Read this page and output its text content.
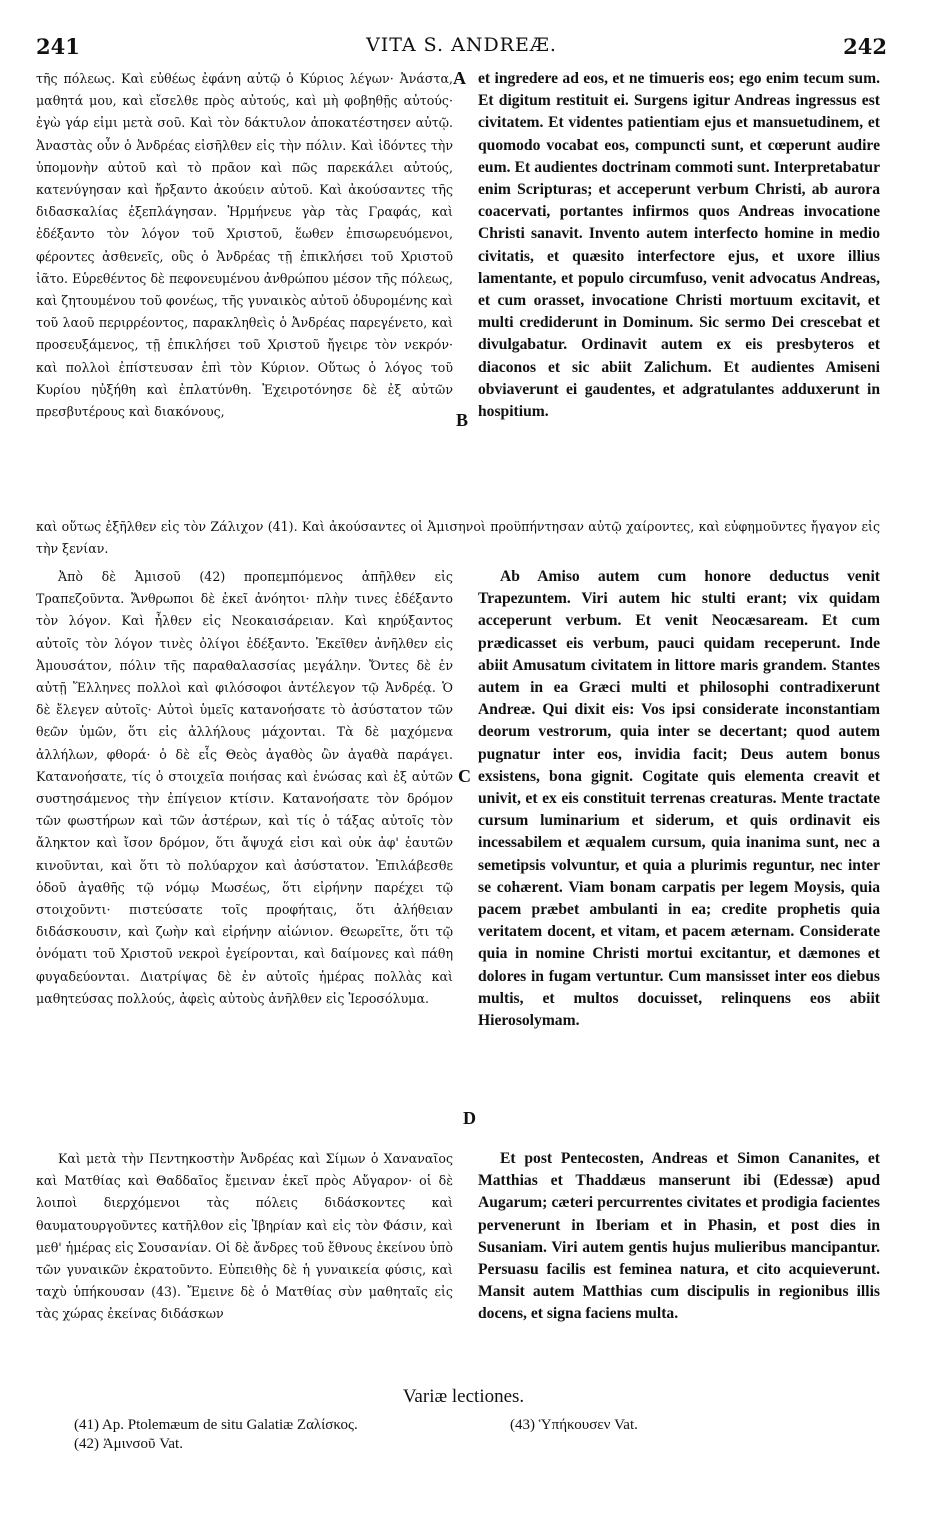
241	VITA S. ANDREÆ.	242

τῆς πόλεως. Καὶ εὐθέως ἐφάνη αὐτῷ ὁ Κύριος λέγων· Ἀνάστα, μαθητά μου, καὶ εἴσελθε πρὸς αὐτούς, καὶ μὴ φοβηθῇς αὐτούς· ἐγὼ γάρ εἰμι μετὰ σοῦ. Καὶ τὸν δάκτυλον ἀποκατέστησεν αὐτῷ. Ἀναστὰς οὖν ὁ Ἀνδρέας εἰσῆλθεν εἰς τὴν πόλιν. Καὶ ἰδόντες τὴν ὑπομονὴν αὐτοῦ καὶ τὸ πρᾶον καὶ πῶς παρεκάλει αὐτούς, κατενύγησαν καὶ ἤρξαντο ἀκούειν αὐτοῦ. Καὶ ἀκούσαντες τῆς διδασκαλίας ἐξεπλάγησαν. Ἡρμήνευε γὰρ τὰς Γραφάς, καὶ ἐδέξαντο τὸν λόγον τοῦ Χριστοῦ, ἕωθεν ἐπισωρευόμενοι, φέροντες ἀσθενεῖς, οὓς ὁ Ἀνδρέας τῇ ἐπικλήσει τοῦ Χριστοῦ ἰᾶτο. Εὑρεθέντος δὲ πεφονευμένου ἀνθρώπου μέσον τῆς πόλεως, καὶ ζητουμένου τοῦ φονέως, τῆς γυναικὸς αὐτοῦ ὀδυρομένης καὶ τοῦ λαοῦ περιρρέοντος, παρακληθεὶς ὁ Ἀνδρέας παρεγένετο, καὶ προσευξάμενος, τῇ ἐπικλήσει τοῦ Χριστοῦ ἤγειρε τὸν νεκρόν· καὶ πολλοὶ ἐπίστευσαν ἐπὶ τὸν Κύριον. Οὕτως ὁ λόγος τοῦ Κυρίου ηὐξήθη καὶ ἐπλατύνθη. Ἐχειροτόνησε δὲ ἐξ αὐτῶν πρεσβυτέρους καὶ διακόνους,

et ingredere ad eos, et ne timueris eos; ego enim tecum sum. Et digitum restituit ei. Surgens igitur Andreas ingressus est civitatem. Et videntes patientiam ejus et mansuetudinem, et quomodo vocabat eos, compuncti sunt, et cœperunt audire eum. Et audientes doctrinam commoti sunt. Interpretabatur enim Scripturas; et acceperunt verbum Christi, ab aurora coacervati, portantes infirmos quos Andreas invocatione Christi sanavit. Invento autem interfecto homine in medio civitatis, et quæsito interfectore ejus, et uxore illius lamentante, et populo circumfuso, venit advocatus Andreas, et cum orasset, invocatione Christi mortuum excitavit, et multi crediderunt in Dominum. Sic sermo Dei crescebat et divulgabatur. Ordinavit autem ex eis presbyteros et diaconos et sic abiit Zalichum. Et audientes Amiseni obviaverunt ei gaudentes, et adgratulantes adduxerunt in hospitium.

καὶ οὕτως ἐξῆλθεν εἰς τὸν Ζάλιχον (41). Καὶ ἀκούσαντες οἱ Ἀμισηνοὶ προϋπήντησαν αὐτῷ χαίροντες, καὶ εὐφημοῦντες ἤγαγον εἰς τὴν ξενίαν.

A
B

Ἀπὸ δὲ Ἀμισοῦ (42) προπεμπόμενος ἀπῆλθεν εἰς Τραπεζοῦντα. Ἄνθρωποι δὲ ἐκεῖ ἀνόητοι· πλὴν τινες ἐδέξαντο τὸν λόγον. Καὶ ἦλθεν εἰς Νεοκαισάρειαν. Καὶ κηρύξαντος αὐτοῖς τὸν λόγον τινὲς ὀλίγοι ἐδέξαντο. Ἐκεῖθεν ἀνῆλθεν εἰς Ἀμουσάτον, πόλιν τῆς παραθαλασσίας μεγάλην. Ὄντες δὲ ἐν αὐτῇ Ἕλληνες πολλοὶ καὶ φιλόσοφοι ἀντέλεγον τῷ Ἀνδρέᾳ. Ὁ δὲ ἔλεγεν αὐτοῖς· Αὐτοὶ ὑμεῖς κατανοήσατε τὸ ἀσύστατον τῶν θεῶν ὑμῶν, ὅτι εἰς ἀλλήλους μάχονται. Τὰ δὲ μαχόμενα ἀλλήλων, φθορά· ὁ δὲ εἷς Θεὸς ἀγαθὸς ὢν ἀγαθὰ παράγει. Κατανοήσατε, τίς ὁ στοιχεῖα ποιήσας καὶ ἑνώσας καὶ ἐξ αὐτῶν συστησάμενος τὴν ἐπίγειον κτίσιν. Κατανοήσατε τὸν δρόμον τῶν φωστήρων καὶ τῶν ἀστέρων, καὶ τίς ὁ τάξας αὐτοῖς τὸν ἄληκτον καὶ ἴσον δρόμον, ὅτι ἄψυχά εἰσι καὶ οὐκ ἀφ' ἑαυτῶν κινοῦνται, καὶ ὅτι τὸ πολύαρχον καὶ ἀσύστατον. Ἐπιλάβεσθε ὁδοῦ ἀγαθῆς τῷ νόμῳ Μωσέως, ὅτι εἰρήνην παρέχει τῷ στοιχοῦντι· πιστεύσατε τοῖς προφήταις, ὅτι ἀλήθειαν διδάσκουσιν, καὶ ζωὴν καὶ εἰρήνην αἰώνιον. Θεωρεῖτε, ὅτι τῷ ὀνόματι τοῦ Χριστοῦ νεκροὶ ἐγείρονται, καὶ δαίμονες καὶ πάθη φυγαδεύονται. Διατρίψας δὲ ἐν αὐτοῖς ἡμέρας πολλὰς καὶ μαθητεύσας πολλούς, ἀφεὶς αὐτοὺς ἀνῆλθεν εἰς Ἱεροσόλυμα.

Ab Amiso autem cum honore deductus venit Trapezuntem. Viri autem hic stulti erant; vix quidam acceperunt verbum. Et venit Neocæsaream. Et cum prædicasset eis verbum, pauci quidam receperunt. Inde abiit Amusatum civitatem in littore maris grandem. Stantes autem in ea Græci multi et philosophi contradixerunt Andreæ. Qui dixit eis: Vos ipsi considerate inconstantiam deorum vestrorum, quia inter se decertant; quod autem pugnatur inter eos, invidia facit; Deus autem bonus exsistens, bona gignit. Cogitate quis elementa creavit et univit, et ex eis constituit terrenas creaturas. Mente tractate cursum luminarium et siderum, et quis ordinavit eis incessabilem et æqualem cursum, quia inanima sunt, nec a semetipsis volvuntur, et quia a plurimis reguntur, nec inter se cohærent. Viam bonam carpatis per legem Moysis, quia pacem præbet ambulanti in ea; credite prophetis quia veritatem docent, et vitam, et pacem æternam. Considerate quia in nomine Christi mortui excitantur, et dæmones et dolores in fugam vertuntur. Cum mansisset inter eos diebus multis, et multos docuisset, relinquens eos abiit Hierosolymam.

C
D

Καὶ μετὰ τὴν Πεντηκοστὴν Ἀνδρέας καὶ Σίμων ὁ Χαναναῖος καὶ Ματθίας καὶ Θαδδαῖος ἔμειναν ἐκεῖ πρὸς Αὔγαρον· οἱ δὲ λοιποὶ διερχόμενοι τὰς πόλεις διδάσκοντες καὶ θαυματουργοῦντες κατῆλθον εἰς Ἰβηρίαν καὶ εἰς τὸν Φάσιν, καὶ μεθ' ἡμέρας εἰς Σουσανίαν. Οἱ δὲ ἄνδρες τοῦ ἔθνους ἐκείνου ὑπὸ τῶν γυναικῶν ἐκρατοῦντο. Εὐπειθὴς δὲ ἡ γυναικεία φύσις, καὶ ταχὺ ὑπήκουσαν (43). Ἔμεινε δὲ ὁ Ματθίας σὺν μαθηταῖς εἰς τὰς χώρας ἐκείνας διδάσκων

Et post Pentecosten, Andreas et Simon Cananites, et Matthias et Thaddæus manserunt ibi (Edessæ) apud Augarum; cæteri percurrentes civitates et prodigia facientes pervenerunt in Iberiam et in Phasin, et post dies in Susaniam. Viri autem gentis hujus mulieribus mancipantur. Persuasu facilis est feminea natura, et cito acquieverunt. Mansit autem Matthias cum discipulis in regionibus illis docens, et signa faciens multa.

Variæ lectiones.
(41) Ap. Ptolemæum de situ Galatiæ Ζαλίσκος.
(42) Ἀμινσοῦ Vat.
(43) Ὑπήκουσεν Vat.
